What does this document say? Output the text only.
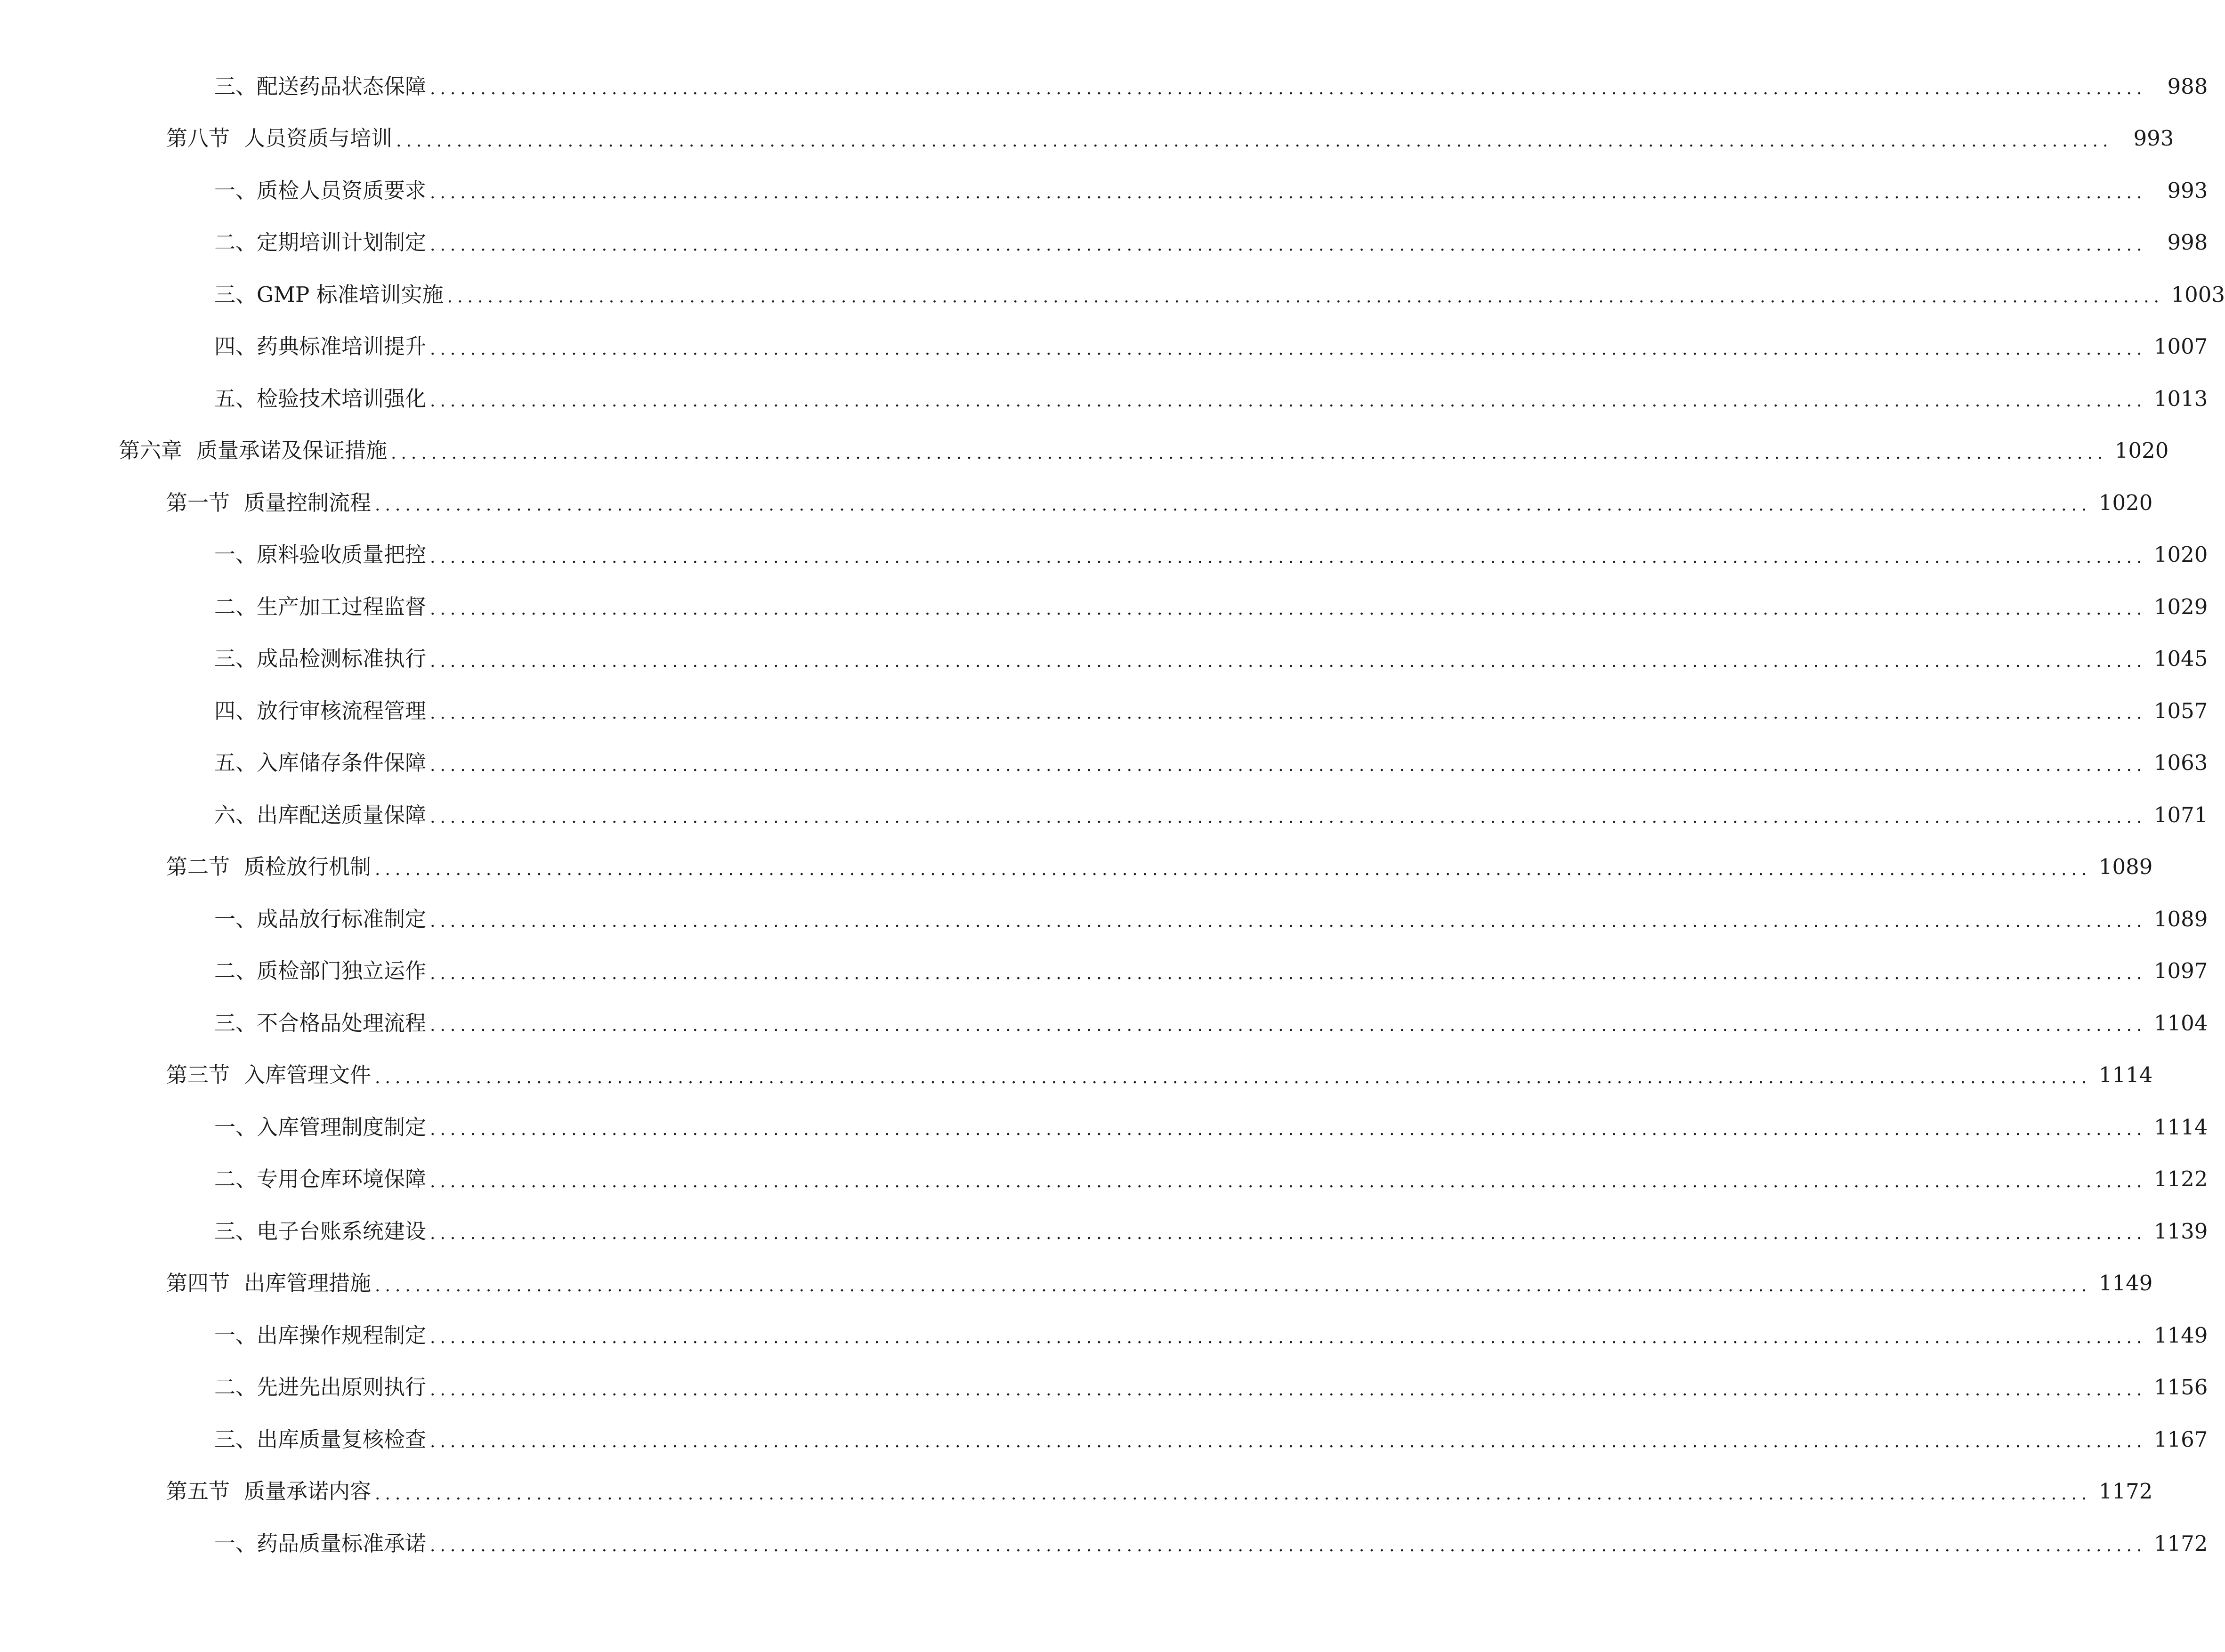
三、 配送药品状态保障 .......................................................................................................................................................................... 988
第八节 人员资质与培训 .......................................................................................................................................................................... 993
一、 质检人员资质要求 .......................................................................................................................................................................... 993
二、 定期培训计划制定 .......................................................................................................................................................................... 998
三、 GMP 标准培训实施 .......................................................................................................................................................................... 1003
四、 药典标准培训提升 .......................................................................................................................................................................... 1007
五、 检验技术培训强化 .......................................................................................................................................................................... 1013
第六章 质量承诺及保证措施 .......................................................................................................................................................................... 1020
第一节 质量控制流程 .......................................................................................................................................................................... 1020
一、 原料验收质量把控 .......................................................................................................................................................................... 1020
二、 生产加工过程监督 .......................................................................................................................................................................... 1029
三、 成品检测标准执行 .......................................................................................................................................................................... 1045
四、 放行审核流程管理 .......................................................................................................................................................................... 1057
五、 入库储存条件保障 .......................................................................................................................................................................... 1063
六、 出库配送质量保障 .......................................................................................................................................................................... 1071
第二节 质检放行机制 .......................................................................................................................................................................... 1089
一、 成品放行标准制定 .......................................................................................................................................................................... 1089
二、 质检部门独立运作 .......................................................................................................................................................................... 1097
三、 不合格品处理流程 .......................................................................................................................................................................... 1104
第三节 入库管理文件 .......................................................................................................................................................................... 1114
一、 入库管理制度制定 .......................................................................................................................................................................... 1114
二、 专用仓库环境保障 .......................................................................................................................................................................... 1122
三、 电子台账系统建设 .......................................................................................................................................................................... 1139
第四节 出库管理措施 .......................................................................................................................................................................... 1149
一、 出库操作规程制定 .......................................................................................................................................................................... 1149
二、 先进先出原则执行 .......................................................................................................................................................................... 1156
三、 出库质量复核检查 .......................................................................................................................................................................... 1167
第五节 质量承诺内容 .......................................................................................................................................................................... 1172
一、 药品质量标准承诺 .......................................................................................................................................................................... 1172
